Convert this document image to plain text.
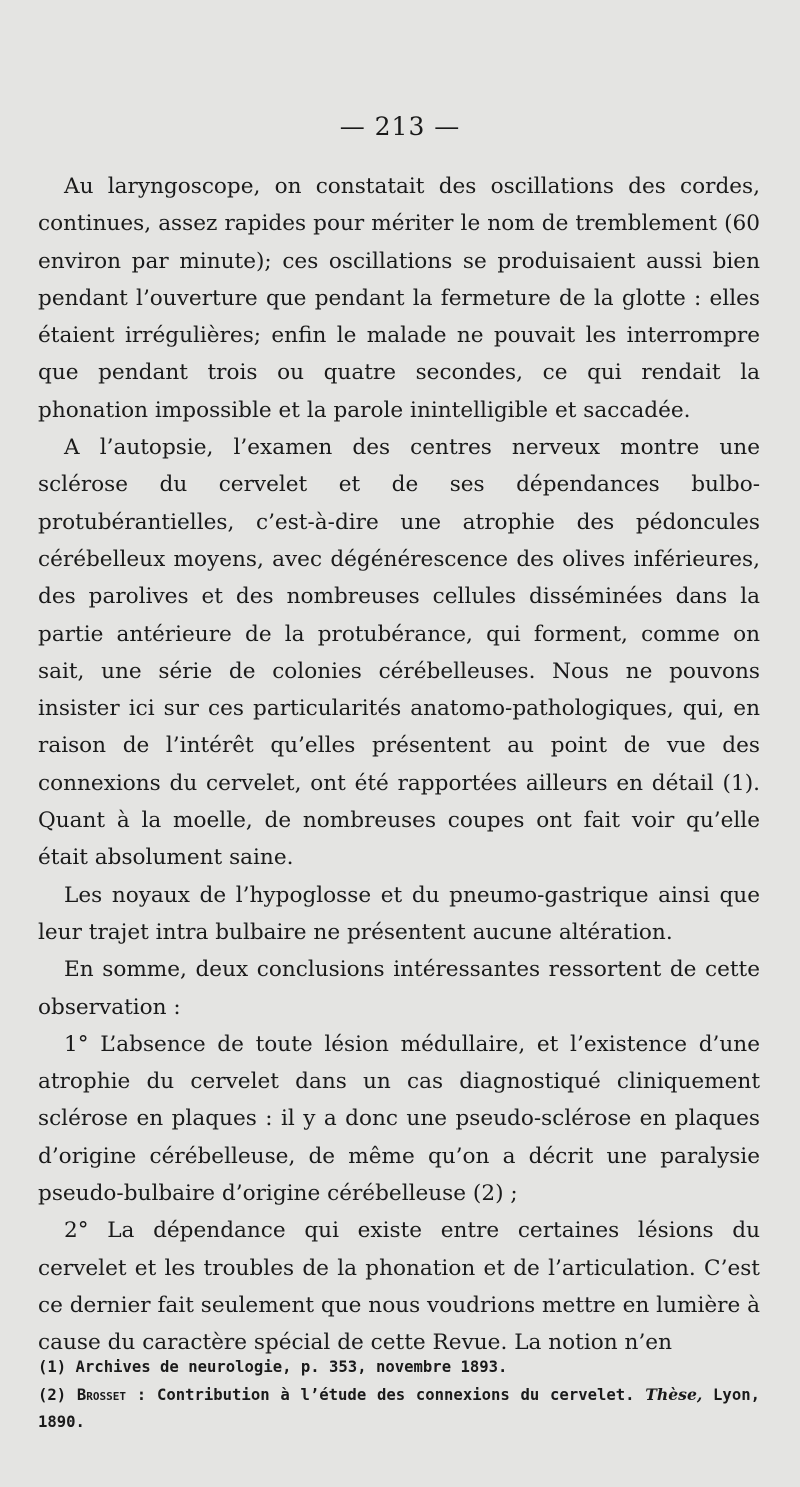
— 213 —

Au laryngoscope, on constatait des oscillations des cordes, continues, assez rapides pour mériter le nom de tremblement (60 environ par minute); ces oscillations se produisaient aussi bien pendant l’ouverture que pendant la fermeture de la glotte : elles étaient irrégulières; enfin le malade ne pouvait les interrompre que pendant trois ou quatre secondes, ce qui rendait la phonation impossible et la parole inintelligible et saccadée.

A l’autopsie, l’examen des centres nerveux montre une sclérose du cervelet et de ses dépendances bulbo-protubérantielles, c’est-à-dire une atrophie des pédoncules cérébelleux moyens, avec dégénérescence des olives inférieures, des parolives et des nombreuses cellules disséminées dans la partie antérieure de la protubérance, qui forment, comme on sait, une série de colonies cérébelleuses. Nous ne pouvons insister ici sur ces particularités anatomo-pathologiques, qui, en raison de l’intérêt qu’elles présentent au point de vue des connexions du cervelet, ont été rapportées ailleurs en détail (1). Quant à la moelle, de nombreuses coupes ont fait voir qu’elle était absolument saine.

Les noyaux de l’hypoglosse et du pneumo-gastrique ainsi que leur trajet intra bulbaire ne présentent aucune altération.

En somme, deux conclusions intéressantes ressortent de cette observation :

1° L’absence de toute lésion médullaire, et l’existence d’une atrophie du cervelet dans un cas diagnostiqué cliniquement sclérose en plaques : il y a donc une pseudo-sclérose en plaques d’origine cérébelleuse, de même qu’on a décrit une paralysie pseudo-bulbaire d’origine cérébelleuse (2) ;

2° La dépendance qui existe entre certaines lésions du cervelet et les troubles de la phonation et de l’articulation. C’est ce dernier fait seulement que nous voudrions mettre en lumière à cause du caractère spécial de cette Revue. La notion n’en

(1) Archives de neurologie, p. 353, novembre 1893.

(2) Brosset : Contribution à l’étude des connexions du cervelet. Thèse, Lyon, 1890.
